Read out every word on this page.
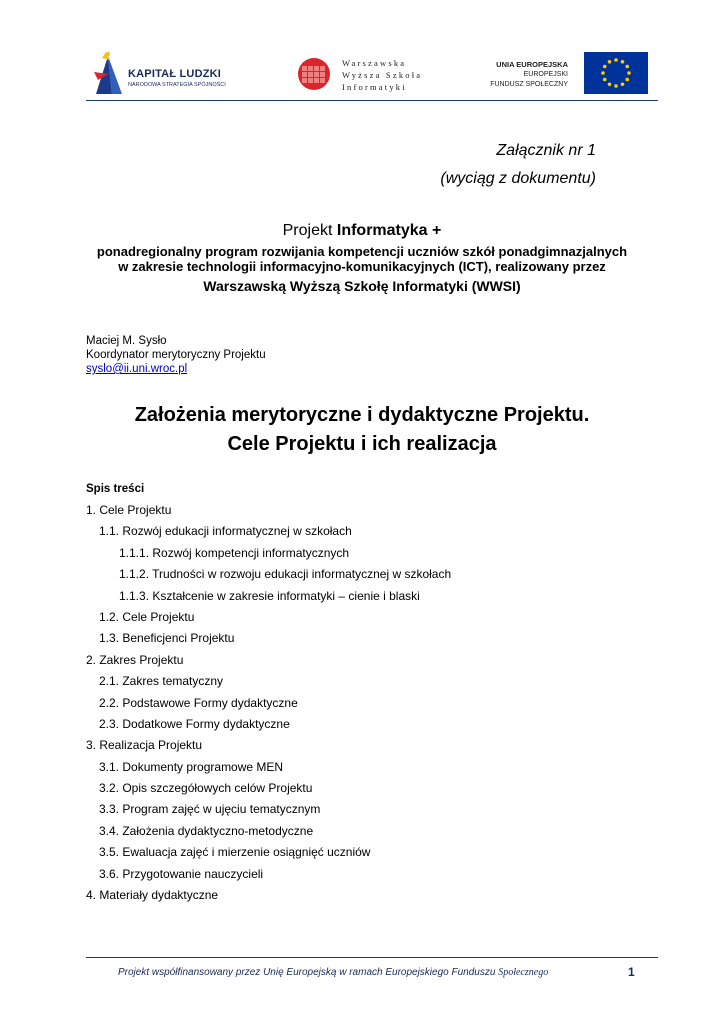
KAPITAŁ LUDZKI
NARODOWA STRATEGIA SPÓJNOŚCI
Warszawska
Wyższa Szkoła
Informatyki
UNIA EUROPEJSKA
EUROPEJSKI
FUNDUSZ SPOŁECZNY
Załącznik nr 1
(wyciąg z dokumentu)
Projekt Informatyka +
ponadregionalny program rozwijania kompetencji uczniów szkół ponadgimnazjalnych
w zakresie technologii informacyjno-komunikacyjnych (ICT), realizowany przez
Warszawską Wyższą Szkołę Informatyki (WWSI)
Maciej M. Sysło
Koordynator merytoryczny Projektu
syslo@ii.uni.wroc.pl
Założenia merytoryczne i dydaktyczne Projektu.
Cele Projektu i ich realizacja
Spis treści
1. Cele Projektu
1.1. Rozwój edukacji informatycznej w szkołach
1.1.1. Rozwój kompetencji informatycznych
1.1.2. Trudności w rozwoju edukacji informatycznej w szkołach
1.1.3. Kształcenie w zakresie informatyki – cienie i blaski
1.2. Cele Projektu
1.3. Beneficjenci Projektu
2. Zakres Projektu
2.1. Zakres tematyczny
2.2. Podstawowe Formy dydaktyczne
2.3. Dodatkowe Formy dydaktyczne
3. Realizacja Projektu
3.1. Dokumenty programowe MEN
3.2. Opis szczegółowych celów Projektu
3.3. Program zajęć w ujęciu tematycznym
3.4. Założenia dydaktyczno-metodyczne
3.5. Ewaluacja zajęć i mierzenie osiągnięć uczniów
3.6. Przygotowanie nauczycieli
4. Materiały dydaktyczne
Projekt współfinansowany przez Unię Europejską w ramach Europejskiego Funduszu Społecznego	1
